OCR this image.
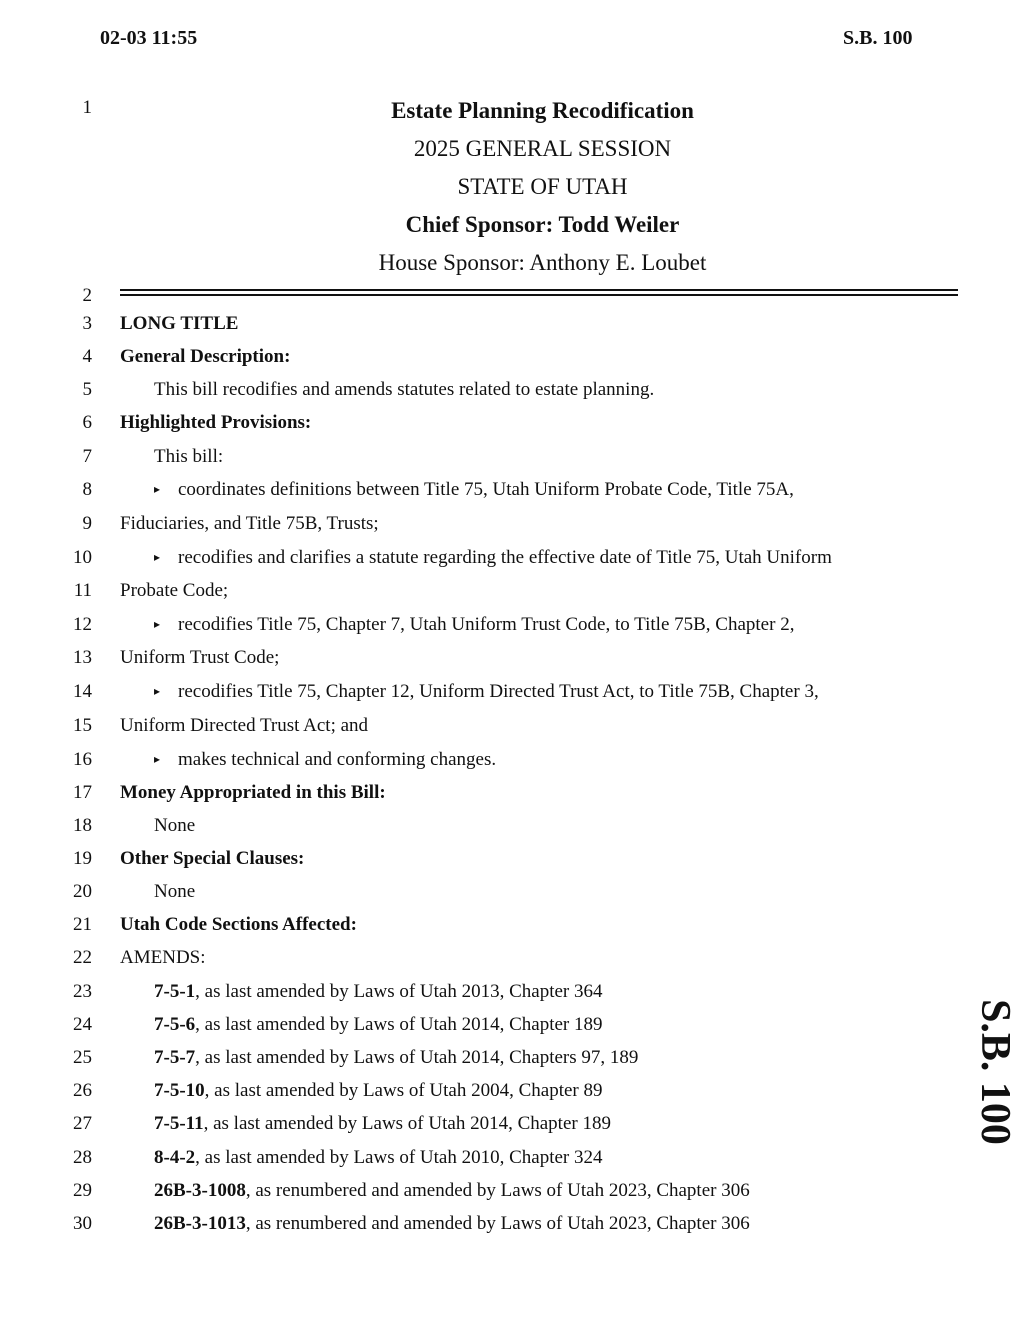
02-03 11:55	S.B. 100
Estate Planning Recodification
2025 GENERAL SESSION
STATE OF UTAH
Chief Sponsor: Todd Weiler
House Sponsor: Anthony E. Loubet
1
2
3
4
5
6
7
8
9
10
11
12
13
14
15
16
17
18
19
20
21
22
23
24
25
26
27
28
29
30
LONG TITLE
General Description:
This bill recodifies and amends statutes related to estate planning.
Highlighted Provisions:
This bill:
▸ coordinates definitions between Title 75, Utah Uniform Probate Code, Title 75A,
Fiduciaries, and Title 75B, Trusts;
▸ recodifies and clarifies a statute regarding the effective date of Title 75, Utah Uniform
Probate Code;
▸ recodifies Title 75, Chapter 7, Utah Uniform Trust Code, to Title 75B, Chapter 2,
Uniform Trust Code;
▸ recodifies Title 75, Chapter 12, Uniform Directed Trust Act, to Title 75B, Chapter 3,
Uniform Directed Trust Act; and
▸ makes technical and conforming changes.
Money Appropriated in this Bill:
None
Other Special Clauses:
None
Utah Code Sections Affected:
AMENDS:
7-5-1, as last amended by Laws of Utah 2013, Chapter 364
7-5-6, as last amended by Laws of Utah 2014, Chapter 189
7-5-7, as last amended by Laws of Utah 2014, Chapters 97, 189
7-5-10, as last amended by Laws of Utah 2004, Chapter 89
7-5-11, as last amended by Laws of Utah 2014, Chapter 189
8-4-2, as last amended by Laws of Utah 2010, Chapter 324
26B-3-1008, as renumbered and amended by Laws of Utah 2023, Chapter 306
26B-3-1013, as renumbered and amended by Laws of Utah 2023, Chapter 306
S.B. 100
